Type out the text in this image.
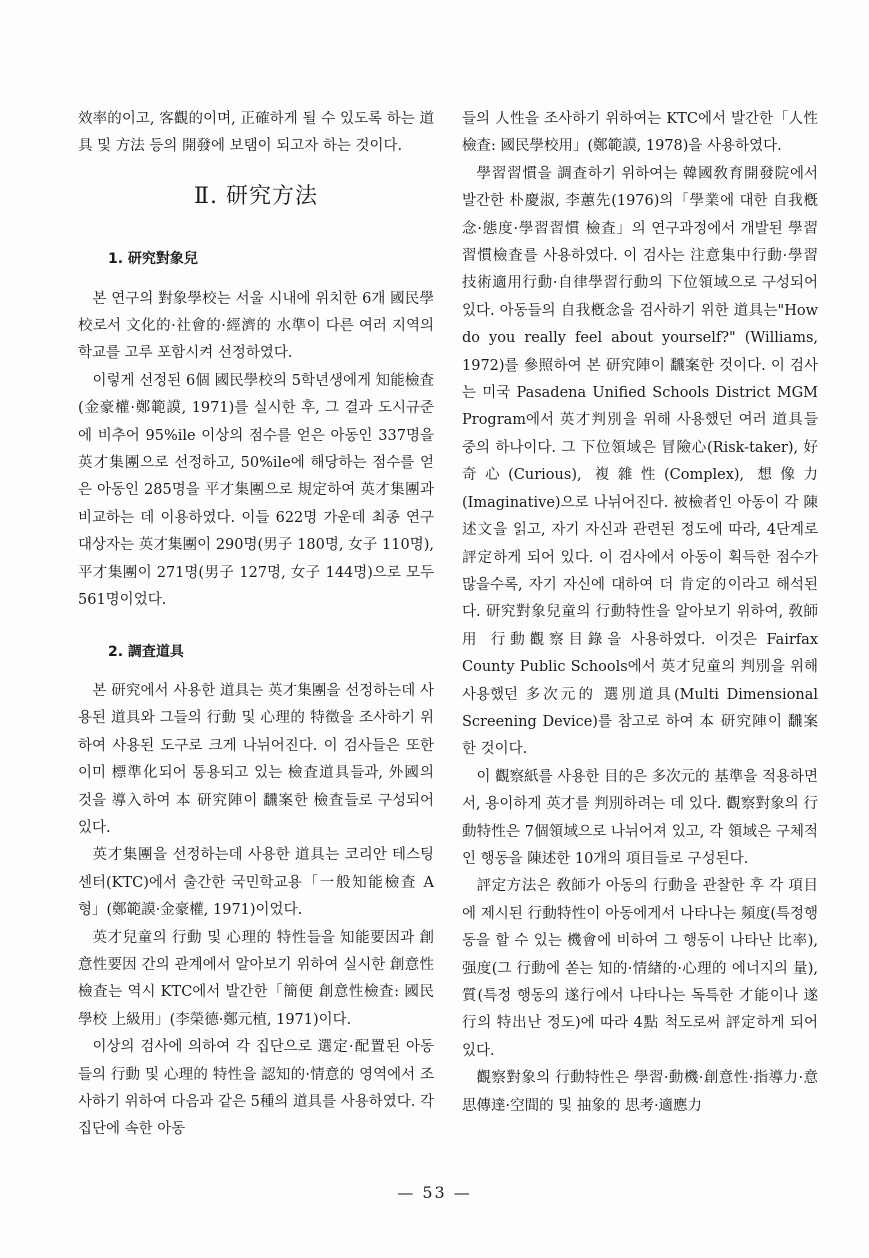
效率的이고, 客觀的이며, 正確하게 될 수 있도록 하는 道具 및 方法 등의 開發에 보탬이 되고자 하는 것이다.

Ⅱ. 研究方法
1. 研究對象兒

본 연구의 對象學校는 서울 시내에 위치한 6개 國民學校로서 文化的·社會的·經濟的 水準이 다른 여러 지역의 학교를 고루 포함시켜 선정하였다.

이렇게 선정된 6個 國民學校의 5학년생에게 知能檢査(金豪權·鄭範謨, 1971)를 실시한 후, 그 결과 도시규준에 비추어 95%ile 이상의 점수를 얻은 아동인 337명을 英才集團으로 선정하고, 50%ile에 해당하는 점수를 얻은 아동인 285명을 平才集團으로 規定하여 英才集團과 비교하는 데 이용하였다. 이들 622명 가운데 최종 연구 대상자는 英才集團이 290명(男子 180명, 女子 110명), 平才集團이 271명(男子 127명, 女子 144명)으로 모두 561명이었다.

2. 調査道具

본 研究에서 사용한 道具는 英才集團을 선정하는데 사용된 道具와 그들의 行動 및 心理的 特徵을 조사하기 위하여 사용된 도구로 크게 나뉘어진다. 이 검사들은 또한 이미 標準化되어 통용되고 있는 檢査道具들과, 外國의 것을 導入하여 本 研究陣이 飜案한 檢査들로 구성되어 있다.

英才集團을 선정하는데 사용한 道具는 코리안 테스팅 센터(KTC)에서 출간한 국민학교용「一般知能檢査 A형」(鄭範謨·金豪權, 1971)이었다.

英才兒童의 行動 및 心理的 特性들을 知能要因과 創意性要因 간의 관계에서 알아보기 위하여 실시한 創意性 檢査는 역시 KTC에서 발간한「簡便 創意性檢査: 國民學校 上級用」(李榮德·鄭元植, 1971)이다.

이상의 검사에 의하여 각 집단으로 選定·配置된 아동들의 行動 및 心理的 特性을 認知的·情意的 영역에서 조사하기 위하여 다음과 같은 5種의 道具를 사용하였다. 각 집단에 속한 아동

들의 人性을 조사하기 위하여는 KTC에서 발간한「人性檢査: 國民學校用」(鄭範謨, 1978)을 사용하였다.

學習習慣을 調査하기 위하여는 韓國敎育開發院에서 발간한 朴慶淑, 李蕙先(1976)의「學業에 대한 自我槪念·態度·學習習慣 檢査」의 연구과정에서 개발된 學習習慣檢査를 사용하였다. 이 검사는 注意集中行動·學習技術適用行動·自律學習行動의 下位領域으로 구성되어 있다. 아동들의 自我槪念을 검사하기 위한 道具는"How do you really feel about yourself?" (Williams, 1972)를 參照하여 본 研究陣이 飜案한 것이다. 이 검사는 미국 Pasadena Unified Schools District MGM Program에서 英才判別을 위해 사용했던 여러 道具들 중의 하나이다. 그 下位領域은 冒險心(Risk-taker), 好奇心(Curious), 複雜性(Complex), 想像力(Imaginative)으로 나뉘어진다. 被檢者인 아동이 각 陳述文을 읽고, 자기 자신과 관련된 정도에 따라, 4단계로 評定하게 되어 있다. 이 검사에서 아동이 획득한 점수가 많을수록, 자기 자신에 대하여 더 肯定的이라고 해석된다. 研究對象兒童의 行動特性을 알아보기 위하여, 敎師用 行動觀察目錄을 사용하였다. 이것은 Fairfax County Public Schools에서 英才兒童의 判別을 위해 사용했던 多次元的 選別道具(Multi Dimensional Screening Device)를 참고로 하여 本 研究陣이 飜案한 것이다.

이 觀察紙를 사용한 目的은 多次元的 基準을 적용하면서, 용이하게 英才를 判別하려는 데 있다. 觀察對象의 行動特性은 7個領域으로 나뉘어져 있고, 각 領域은 구체적인 행동을 陳述한 10개의 項目들로 구성된다.

評定方法은 敎師가 아동의 行動을 관찰한 후 각 項目에 제시된 行動特性이 아동에게서 나타나는 頻度(특정행동을 할 수 있는 機會에 비하여 그 행동이 나타난 比率), 强度(그 行動에 쏟는 知的·情緖的·心理的 에너지의 量), 質(특정 행동의 遂行에서 나타나는 독특한 才能이나 遂行의 特出난 정도)에 따라 4點 척도로써 評定하게 되어 있다.

觀察對象의 行動特性은 學習·動機·創意性·指導力·意思傳達·空間的 및 抽象的 思考·適應力

— 53 —
